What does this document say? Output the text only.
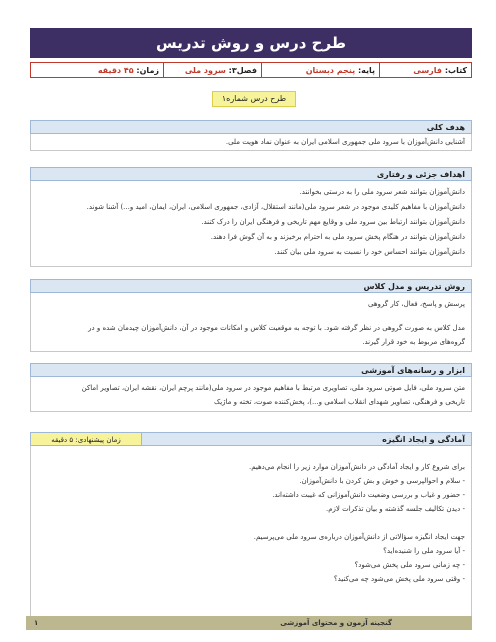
طرح درس و روش تدریس
کتاب: فارسی
پایه: پنجم دبستان
فصل۳: سرود ملی
زمان: ۴۵ دقیقه
طرح درس شماره۱
هدف کلی
آشنایی دانش‌آموزان با سرود ملی جمهوری اسلامی ایران به عنوان نماد هویت ملی.
اهداف جزئی و رفتاری
دانش‌آموزان بتوانند شعر سرود ملی را به درستی بخوانند.
دانش‌آموزان با مفاهیم کلیدی موجود در شعر سرود ملی(مانند استقلال، آزادی، جمهوری اسلامی، ایران، ایمان، امید و...) آشنا شوند.
دانش‌آموزان بتوانند ارتباط بین سرود ملی و وقایع مهم تاریخی و فرهنگی ایران را درک کنند.
دانش‌آموزان بتوانند در هنگام پخش سرود ملی به احترام برخیزند و به آن گوش فرا دهند.
دانش‌آموزان بتوانند احساس خود را نسبت به سرود ملی بیان کنند.
روش تدریس و مدل کلاس
پرسش و پاسخ، فعال، کار گروهی
مدل کلاس به صورت گروهی در نظر گرفته شود. با توجه به موقعیت کلاس و امکانات موجود در آن، دانش‌آموزان چیدمان شده و در
گروه‌های مربوط به خود قرار گیرند.
ابزار و رسانه‌های آموزشی
متن سرود ملی، فایل صوتی سرود ملی، تصاویری مرتبط با مفاهیم موجود در سرود ملی(مانند پرچم ایران، نقشه ایران، تصاویر اماکن
تاریخی و فرهنگی، تصاویر شهدای انقلاب اسلامی و...)، پخش‌کننده صوت، تخته و ماژیک
آمادگی و ایجاد انگیزه
زمان پیشنهادی: ۵ دقیقه
برای شروع کار و ایجاد آمادگی در دانش‌آموزان موارد زیر را انجام می‌دهیم.
- سلام و احوالپرسی و خوش و بش کردن با دانش‌آموزان.
- حضور و غیاب و بررسی وضعیت دانش‌آموزانی که غیبت داشته‌اند.
- دیدن تکالیف جلسه گذشته و بیان تذکرات لازم.
جهت ایجاد انگیزه سؤالاتی از دانش‌آموزان درباره‌ی سرود ملی می‌پرسیم.
- آیا سرود ملی را شنیده‌اید؟
- چه زمانی سرود ملی پخش می‌شود؟
- وقتی سرود ملی پخش می‌شود چه می‌کنید؟
گنجینه آزمون و محتوای آموزشی
۱
